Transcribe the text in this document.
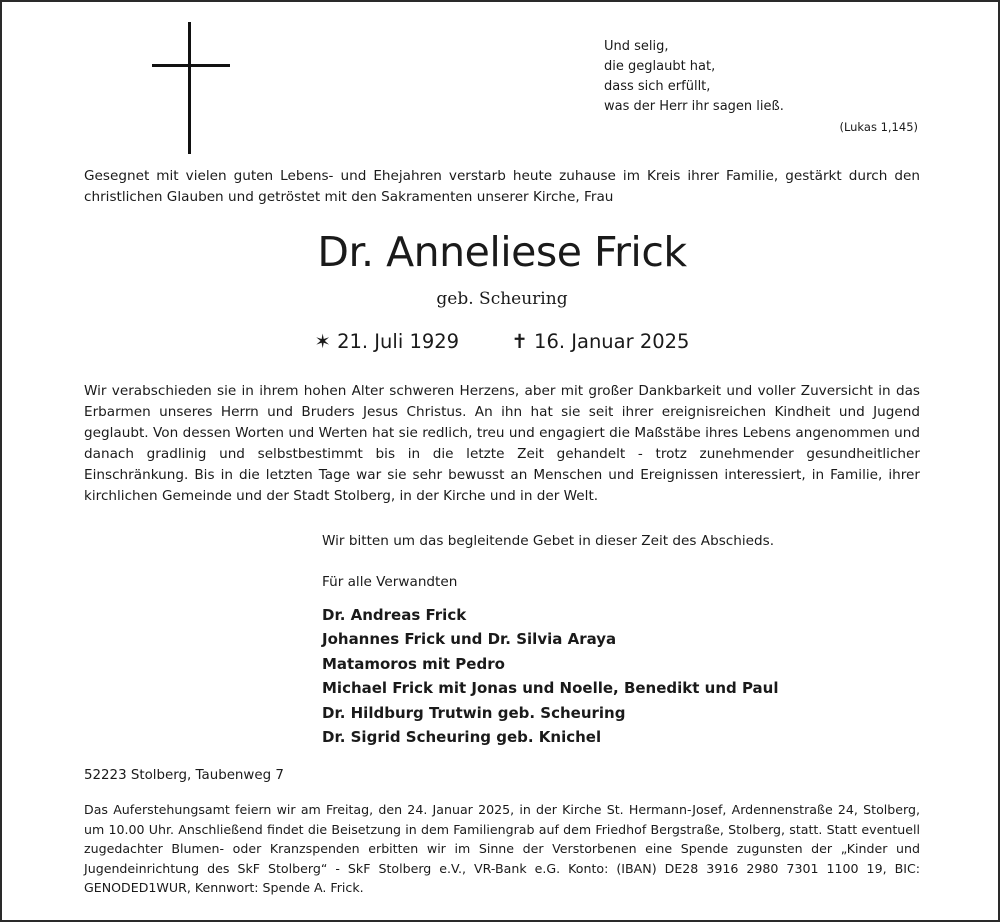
Und selig,
die geglaubt hat,
dass sich erfüllt,
was der Herr ihr sagen ließ.
(Lukas 1,145)
Gesegnet mit vielen guten Lebens- und Ehejahren verstarb heute zuhause im Kreis ihrer Familie, gestärkt durch den christlichen Glauben und getröstet mit den Sakramenten unserer Kirche, Frau
Dr. Anneliese Frick
geb. Scheuring
✶ 21. Juli 1929	✝ 16. Januar 2025
Wir verabschieden sie in ihrem hohen Alter schweren Herzens, aber mit großer Dankbarkeit und voller Zuversicht in das Erbarmen unseres Herrn und Bruders Jesus Christus. An ihn hat sie seit ihrer ereignisreichen Kindheit und Jugend geglaubt. Von dessen Worten und Werten hat sie redlich, treu und engagiert die Maßstäbe ihres Lebens angenommen und danach gradlinig und selbstbestimmt bis in die letzte Zeit gehandelt - trotz zunehmender gesundheitlicher Einschränkung. Bis in die letzten Tage war sie sehr bewusst an Menschen und Ereignissen interessiert, in Familie, ihrer kirchlichen Gemeinde und der Stadt Stolberg, in der Kirche und in der Welt.
Wir bitten um das begleitende Gebet in dieser Zeit des Abschieds.
Für alle Verwandten
Dr. Andreas Frick
Johannes Frick und Dr. Silvia Araya
Matamoros mit Pedro
Michael Frick mit Jonas und Noelle, Benedikt und Paul
Dr. Hildburg Trutwin geb. Scheuring
Dr. Sigrid Scheuring geb. Knichel
52223 Stolberg, Taubenweg 7
Das Auferstehungsamt feiern wir am Freitag, den 24. Januar 2025, in der Kirche St. Hermann-Josef, Ardennenstraße 24, Stolberg, um 10.00 Uhr. Anschließend findet die Beisetzung in dem Familiengrab auf dem Friedhof Bergstraße, Stolberg, statt. Statt eventuell zugedachter Blumen- oder Kranzspenden erbitten wir im Sinne der Verstorbenen eine Spende zugunsten der „Kinder und Jugendeinrichtung des SkF Stolberg“ - SkF Stolberg e.V., VR-Bank e.G. Konto: (IBAN) DE28 3916 2980 7301 1100 19, BIC: GENODED1WUR, Kennwort: Spende A. Frick.
